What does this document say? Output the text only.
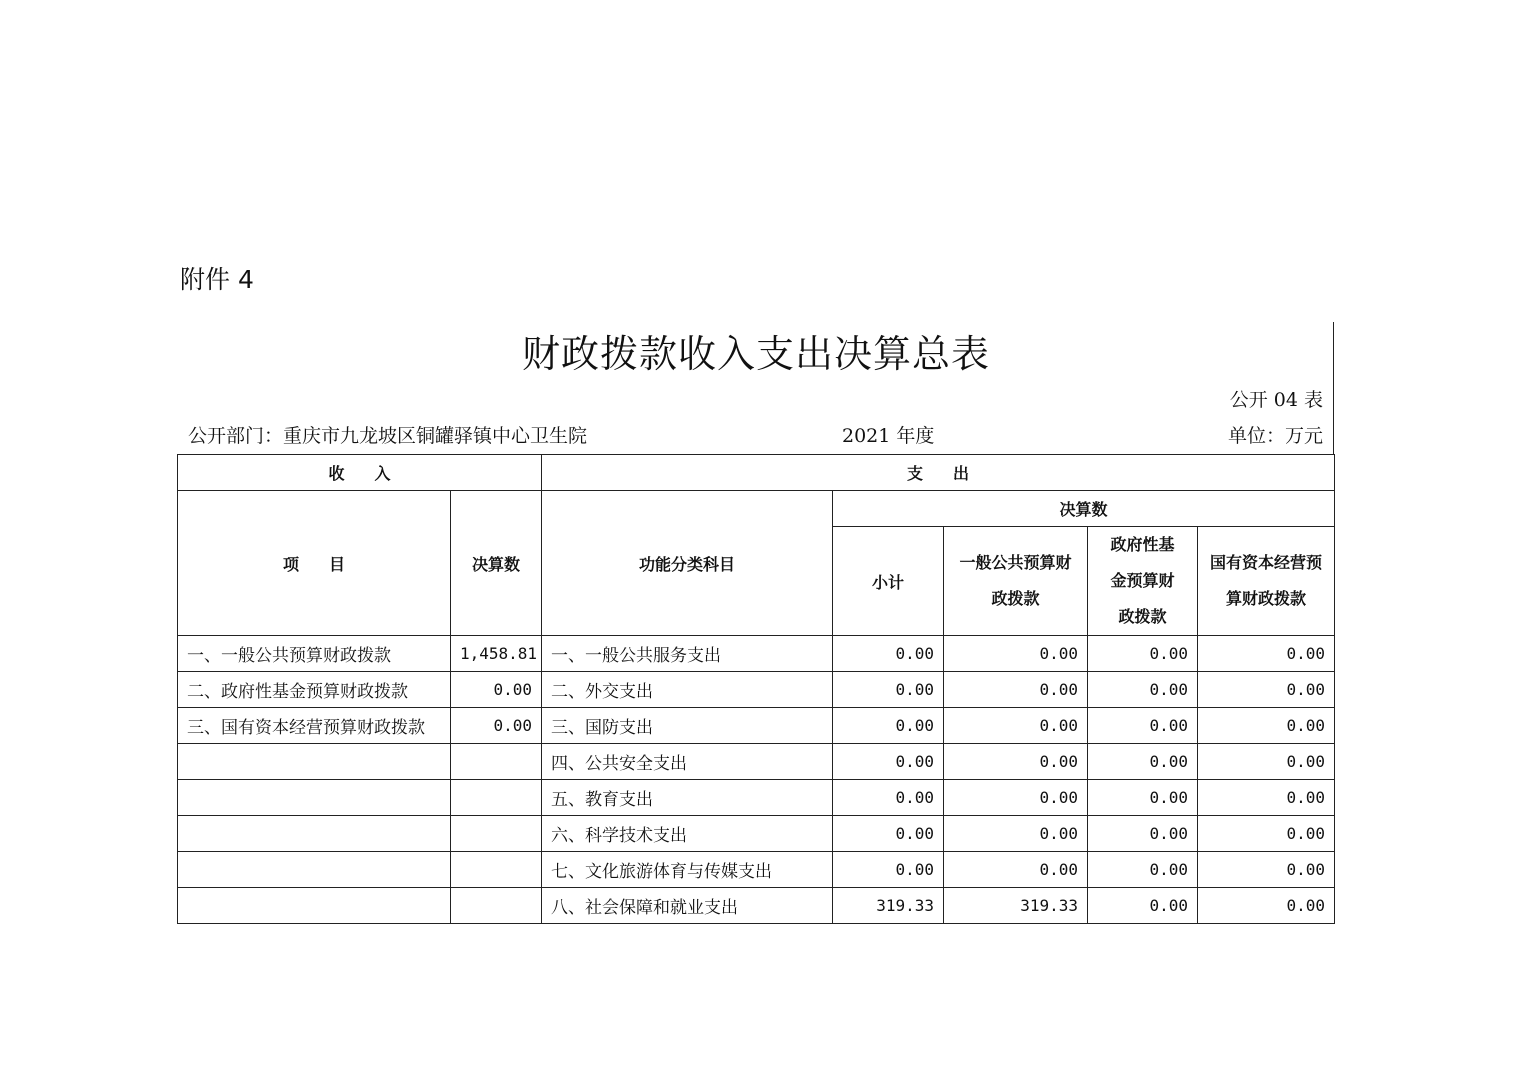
附件 4
财政拨款收入支出决算总表
公开 04 表
公开部门：重庆市九龙坡区铜罐驿镇中心卫生院	2021 年度	单位：万元
收入		支出				
项目	决算数	功能分类科目	决算数			
			小计	一般公共预算财政拨款	政府性基金预算财政拨款	国有资本经营预算财政拨款
一、一般公共预算财政拨款	1,458.81	一、一般公共服务支出	0.00	0.00	0.00	0.00
二、政府性基金预算财政拨款	0.00	二、外交支出	0.00	0.00	0.00	0.00
三、国有资本经营预算财政拨款	0.00	三、国防支出	0.00	0.00	0.00	0.00
		四、公共安全支出	0.00	0.00	0.00	0.00
		五、教育支出	0.00	0.00	0.00	0.00
		六、科学技术支出	0.00	0.00	0.00	0.00
		七、文化旅游体育与传媒支出	0.00	0.00	0.00	0.00
		八、社会保障和就业支出	319.33	319.33	0.00	0.00
